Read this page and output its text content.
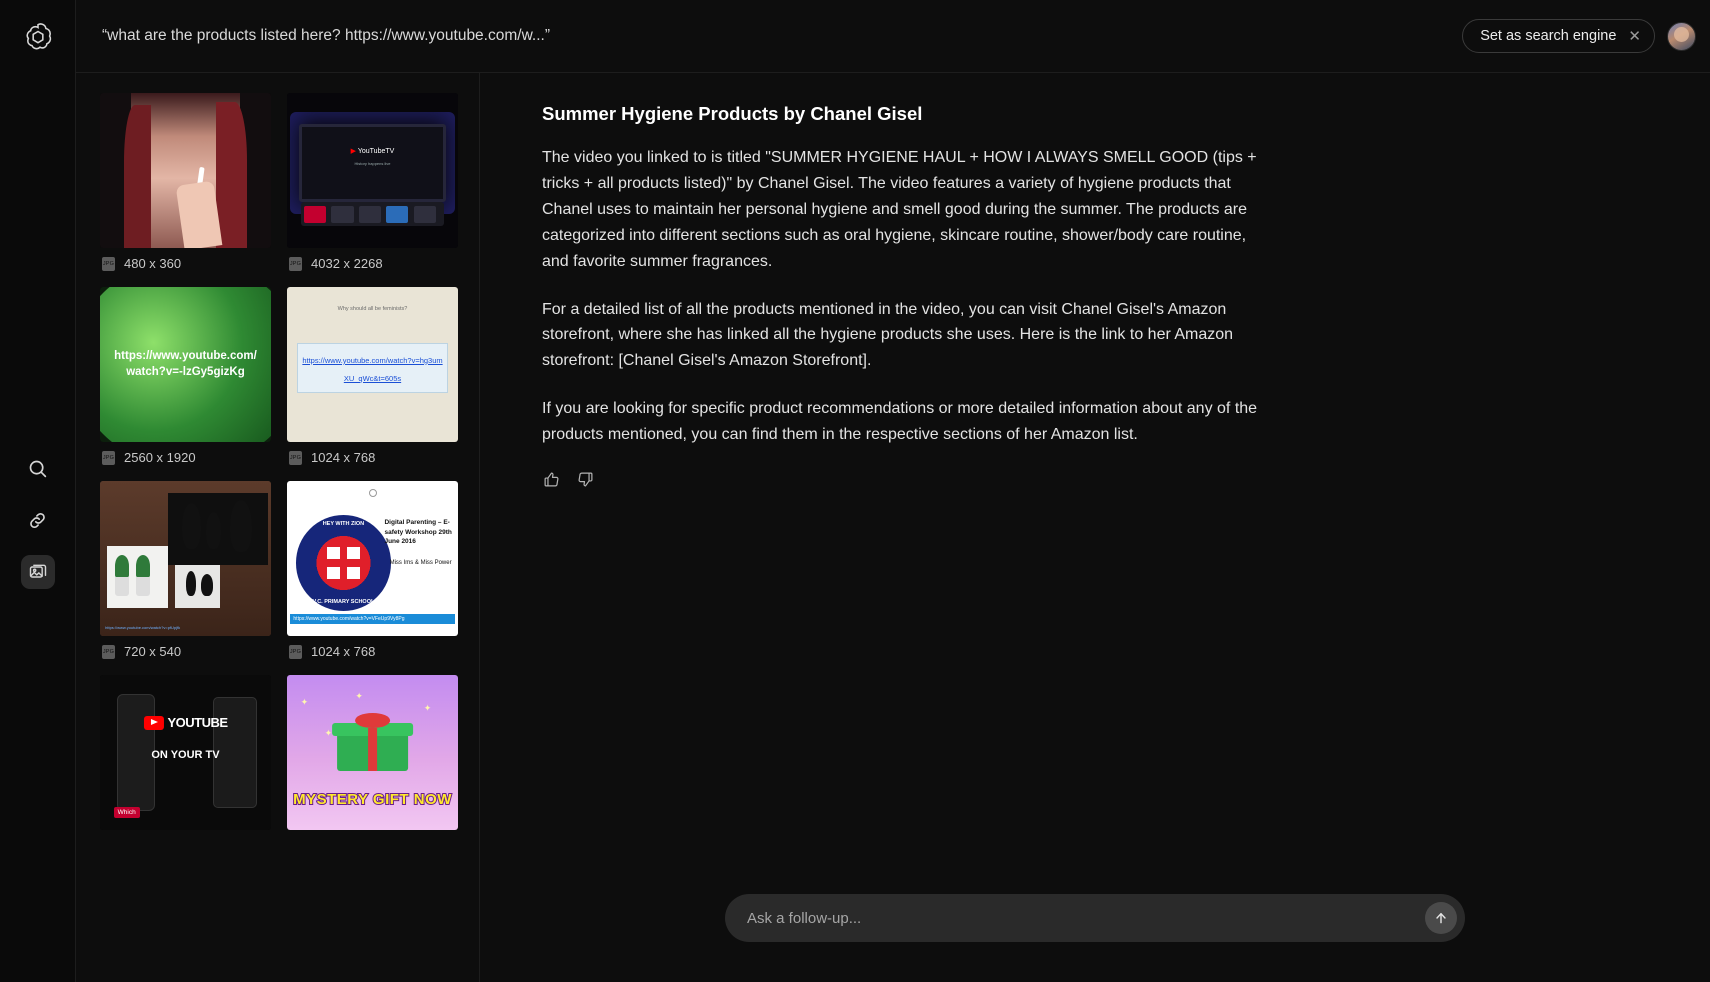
“what are the products listed here? https://www.youtube.com/w...”	Set as search engine ✕
JPG 480 x 360
▶ YouTubeTV
History happens live
JPG 4032 x 2268
https://www.youtube.com/watch?v=-lzGy5gizKg
JPG 2560 x 1920
Why should all be feminists?
https://www.youtube.com/watch?v=hg3umXU_qWc&t=605s
JPG 1024 x 768
https://www.youtube.com/watch?v=pfUpjfk
JPG 720 x 540
HEY WITH ZION
V.C. PRIMARY SCHOOL
Digital Parenting – E-safety Workshop 29th June 2016
Miss Ims & Miss Power
https://www.youtube.com/watch?v=VFeUp9Vy8Pg
JPG 1024 x 768
YOUTUBE
ON YOUR TV
Which
✦
✦
✦
✦
MYSTERY GIFT NOW
Summer Hygiene Products by Chanel Gisel

The video you linked to is titled "SUMMER HYGIENE HAUL + HOW I ALWAYS SMELL GOOD (tips + tricks + all products listed)" by Chanel Gisel. The video features a variety of hygiene products that Chanel uses to maintain her personal hygiene and smell good during the summer. The products are categorized into different sections such as oral hygiene, skincare routine, shower/body care routine, and favorite summer fragrances.

For a detailed list of all the products mentioned in the video, you can visit Chanel Gisel's Amazon storefront, where she has linked all the hygiene products she uses. Here is the link to her Amazon storefront: [Chanel Gisel's Amazon Storefront].

If you are looking for specific product recommendations or more detailed information about any of the products mentioned, you can find them in the respective sections of her Amazon list.

Ask a follow-up...
